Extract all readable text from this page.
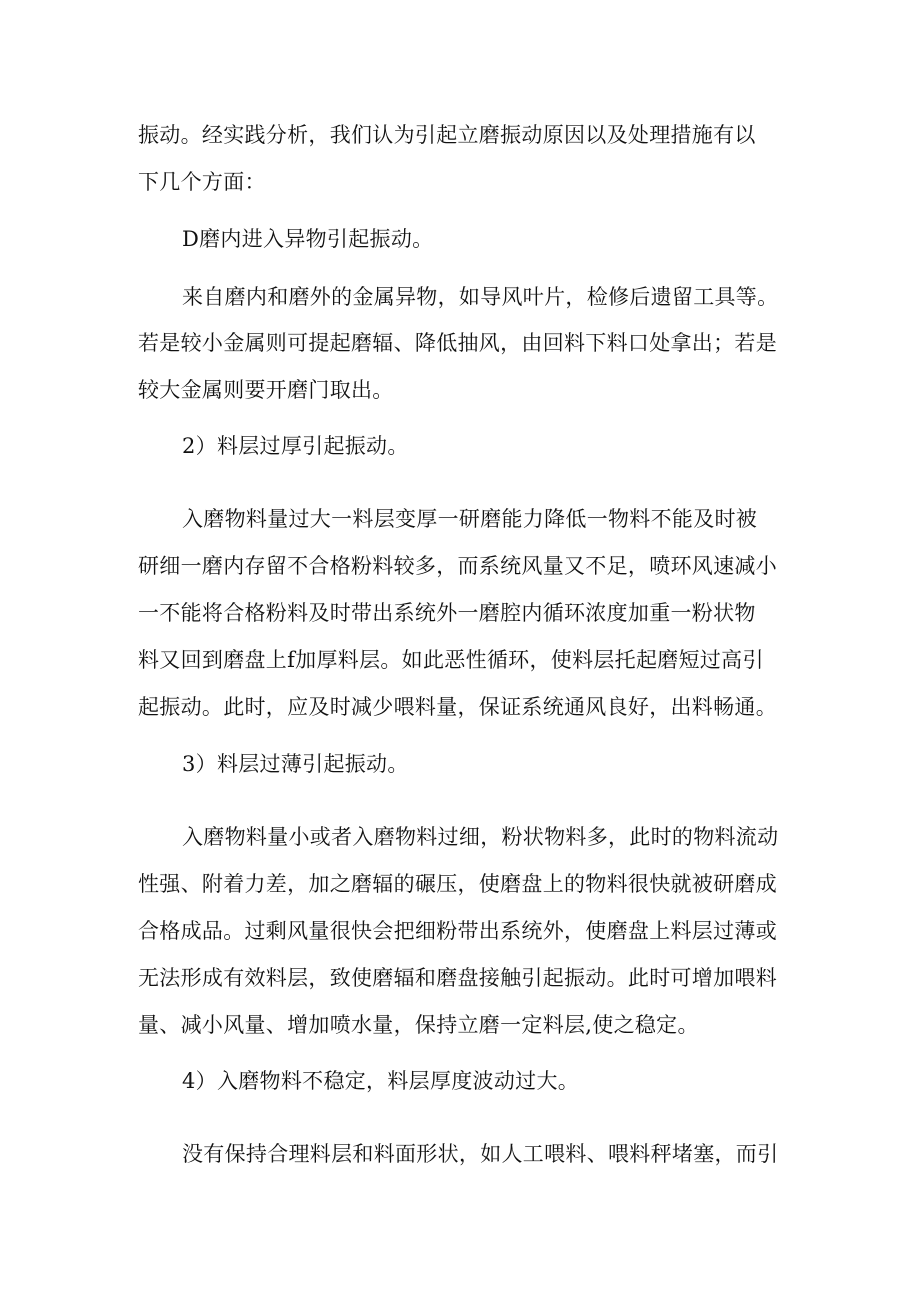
振动。经实践分析，我们认为引起立磨振动原因以及处理措施有以
下几个方面：
D磨内进入异物引起振动。
来自磨内和磨外的金属异物，如导风叶片，检修后遗留工具等。
若是较小金属则可提起磨辐、降低抽风，由回料下料口处拿出；若是
较大金属则要开磨门取出。
2）料层过厚引起振动。
入磨物料量过大一料层变厚一研磨能力降低一物料不能及时被
研细一磨内存留不合格粉料较多，而系统风量又不足，喷环风速减小
一不能将合格粉料及时带出系统外一磨腔内循环浓度加重一粉状物
料又回到磨盘上f加厚料层。如此恶性循环，使料层托起磨短过高引
起振动。此时，应及时减少喂料量，保证系统通风良好，出料畅通。
3）料层过薄引起振动。
入磨物料量小或者入磨物料过细，粉状物料多，此时的物料流动
性强、附着力差，加之磨辐的碾压，使磨盘上的物料很快就被研磨成
合格成品。过剩风量很快会把细粉带出系统外，使磨盘上料层过薄或
无法形成有效料层，致使磨辐和磨盘接触引起振动。此时可增加喂料
量、减小风量、增加喷水量，保持立磨一定料层,使之稳定。
4）入磨物料不稳定，料层厚度波动过大。
没有保持合理料层和料面形状，如人工喂料、喂料秤堵塞，而引
